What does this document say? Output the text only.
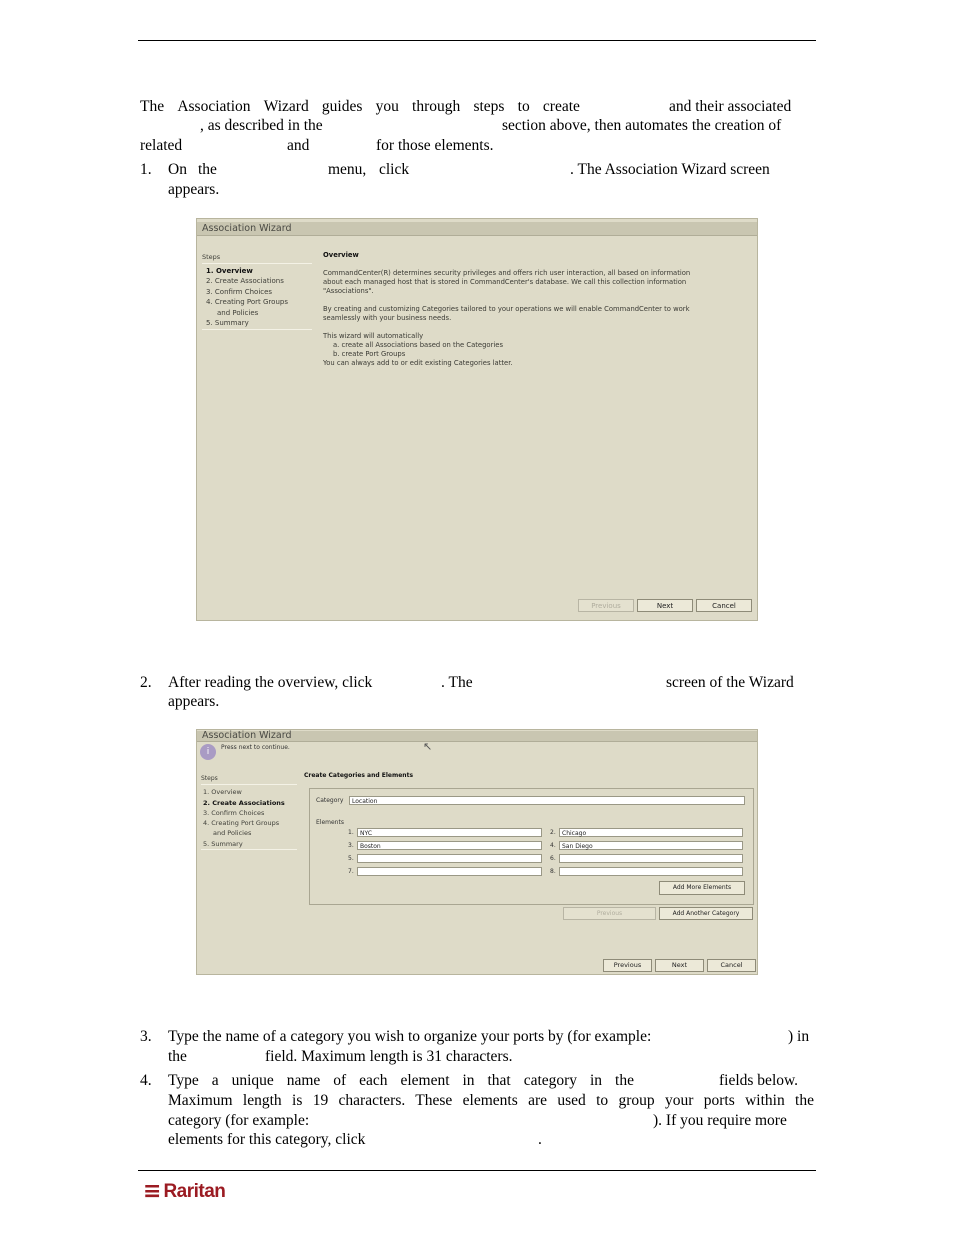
The Association Wizard guides you through steps to create	and their associated
, as described in the	section above, then automates the creation of
related	and	for those elements.
1. On the	menu, click	. The Association Wizard screen
appears.
Association Wizard
Steps
1. Overview
2. Create Associations
3. Confirm Choices
4. Creating Port Groups
and Policies
5. Summary
Overview
CommandCenter(R) determines security privileges and offers rich user interaction, all based on information
about each managed host that is stored in CommandCenter's database. We call this collection information
"Associations".
By creating and customizing Categories tailored to your operations we will enable CommandCenter to work
seamlessly with your business needs.
This wizard will automatically
a. create all Associations based on the Categories
b. create Port Groups
You can always add to or edit existing Categories latter.
Previous	Next	Cancel
2. After reading the overview, click	. The	screen of the Wizard
appears.
Association Wizard
i	Press next to continue.	↖
Steps
1. Overview
2. Create Associations
3. Confirm Choices
4. Creating Port Groups
and Policies
5. Summary
Create Categories and Elements
Category	Location
Elements
1.	NYC	2.	Chicago
3.	Boston	4.	San Diego
5.	6.
7.	8.
Add More Elements
Previous	Add Another Category
Previous	Next	Cancel
3. Type the name of a category you wish to organize your ports by (for example:	) in
the	field. Maximum length is 31 characters.
4. Type a unique name of each element in that category in the	fields below.
Maximum length is 19 characters. These elements are used to group your ports within the
category (for example:	). If you require more
elements for this category, click	.
≡ Raritan
